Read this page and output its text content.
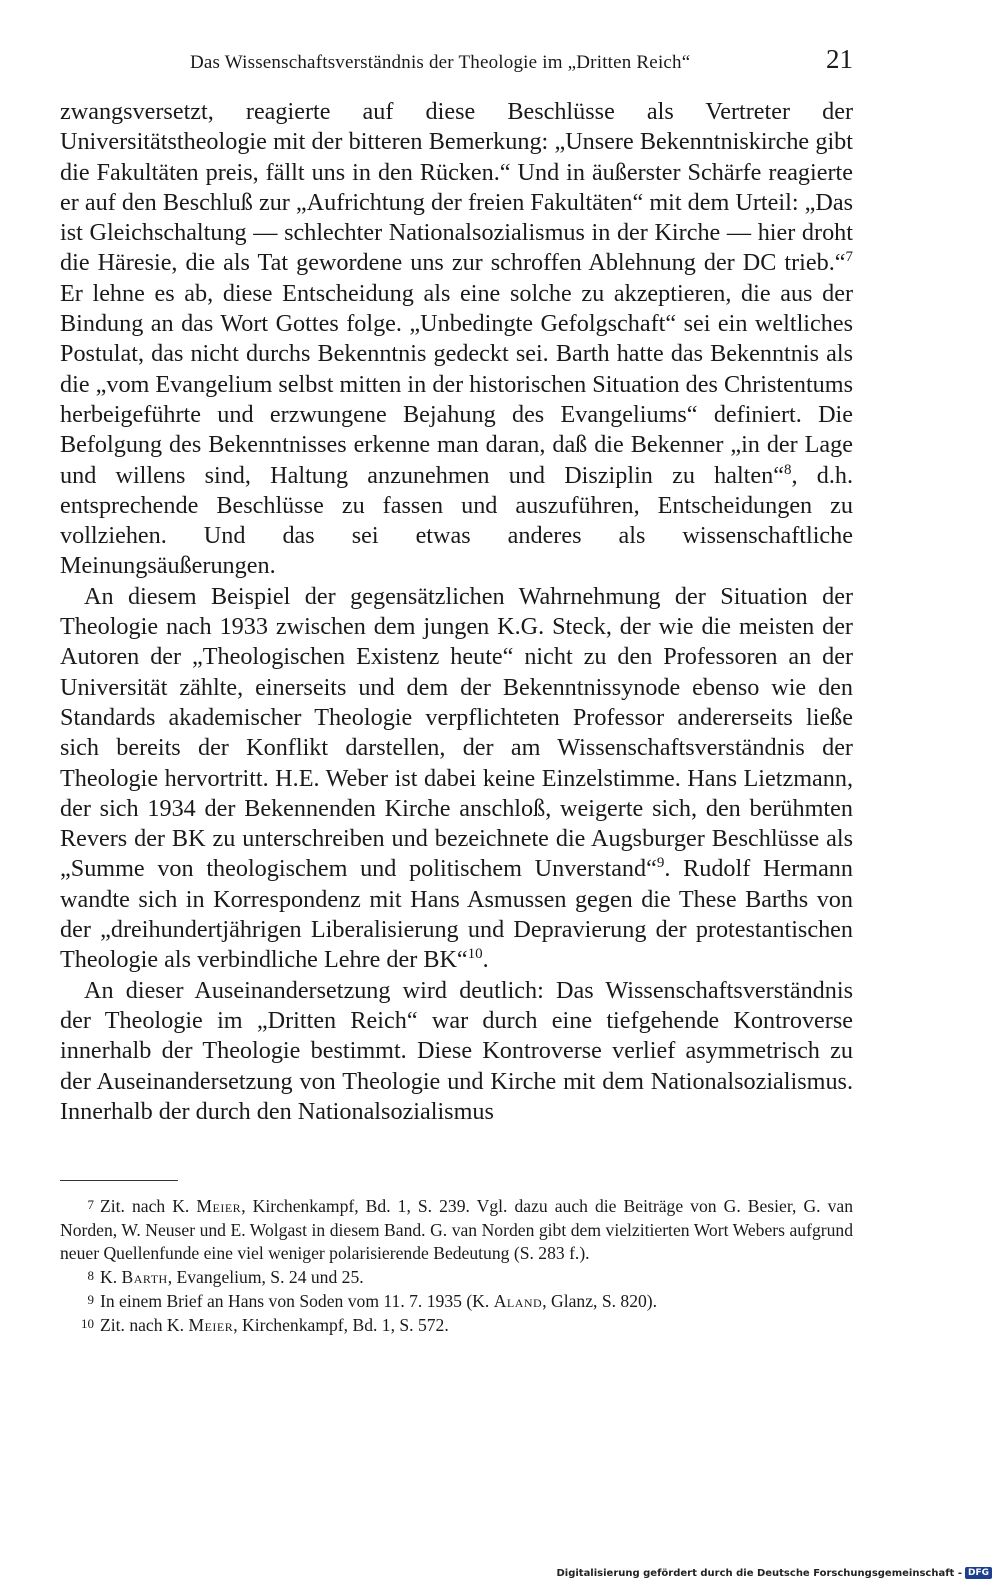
Das Wissenschaftsverständnis der Theologie im „Dritten Reich“	21

zwangsversetzt, reagierte auf diese Beschlüsse als Vertreter der Universitätstheologie mit der bitteren Bemerkung: „Unsere Bekenntniskirche gibt die Fakultäten preis, fällt uns in den Rücken.“ Und in äußerster Schärfe reagierte er auf den Beschluß zur „Aufrichtung der freien Fakultäten“ mit dem Urteil: „Das ist Gleichschaltung — schlechter Nationalsozialismus in der Kirche — hier droht die Häresie, die als Tat gewordene uns zur schroffen Ablehnung der DC trieb.“$^7$ Er lehne es ab, diese Entscheidung als eine solche zu akzeptieren, die aus der Bindung an das Wort Gottes folge. „Unbedingte Gefolgschaft“ sei ein weltliches Postulat, das nicht durchs Bekenntnis gedeckt sei. Barth hatte das Bekenntnis als die „vom Evangelium selbst mitten in der historischen Situation des Christentums herbeigeführte und erzwungene Bejahung des Evangeliums“ definiert. Die Befolgung des Bekenntnisses erkenne man daran, daß die Bekenner „in der Lage und willens sind, Haltung anzunehmen und Disziplin zu halten“$^8$, d.h. entsprechende Beschlüsse zu fassen und auszuführen, Entscheidungen zu vollziehen. Und das sei etwas anderes als wissenschaftliche Meinungsäußerungen.

An diesem Beispiel der gegensätzlichen Wahrnehmung der Situation der Theologie nach 1933 zwischen dem jungen K.G. Steck, der wie die meisten der Autoren der „Theologischen Existenz heute“ nicht zu den Professoren an der Universität zählte, einerseits und dem der Bekenntnissynode ebenso wie den Standards akademischer Theologie verpflichteten Professor andererseits ließe sich bereits der Konflikt darstellen, der am Wissenschaftsverständnis der Theologie hervortritt. H.E. Weber ist dabei keine Einzelstimme. Hans Lietzmann, der sich 1934 der Bekennenden Kirche anschloß, weigerte sich, den berühmten Revers der BK zu unterschreiben und bezeichnete die Augsburger Beschlüsse als „Summe von theologischem und politischem Unverstand“$^9$. Rudolf Hermann wandte sich in Korrespondenz mit Hans Asmussen gegen die These Barths von der „dreihundertjährigen Liberalisierung und Depravierung der protestantischen Theologie als verbindliche Lehre der BK“$^{10}$.

An dieser Auseinandersetzung wird deutlich: Das Wissenschaftsverständnis der Theologie im „Dritten Reich“ war durch eine tiefgehende Kontroverse innerhalb der Theologie bestimmt. Diese Kontroverse verlief asymmetrisch zu der Auseinandersetzung von Theologie und Kirche mit dem Nationalsozialismus. Innerhalb der durch den Nationalsozialismus

7 Zit. nach K. Meier, Kirchenkampf, Bd. 1, S. 239. Vgl. dazu auch die Beiträge von G. Besier, G. van Norden, W. Neuser und E. Wolgast in diesem Band. G. van Norden gibt dem vielzitierten Wort Webers aufgrund neuer Quellenfunde eine viel weniger polarisierende Bedeutung (S. 283 f.).

8 K. Barth, Evangelium, S. 24 und 25.

9 In einem Brief an Hans von Soden vom 11. 7. 1935 (K. Aland, Glanz, S. 820).

10 Zit. nach K. Meier, Kirchenkampf, Bd. 1, S. 572.

Digitalisierung gefördert durch die Deutsche Forschungsgemeinschaft - DFG
